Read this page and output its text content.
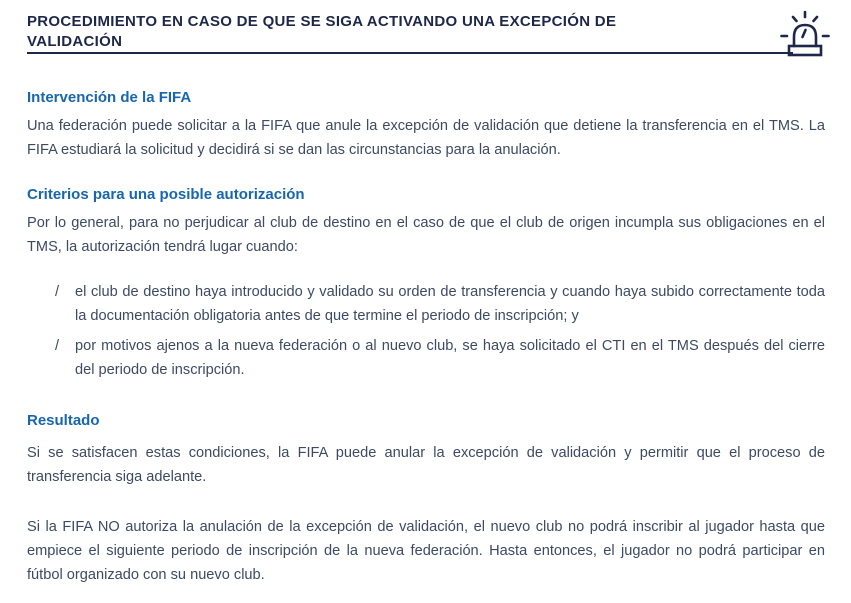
PROCEDIMIENTO EN CASO DE QUE SE SIGA ACTIVANDO UNA EXCEPCIÓN DE VALIDACIÓN
Intervención de la FIFA

Una federación puede solicitar a la FIFA que anule la excepción de validación que detiene la transferencia en el TMS. La FIFA estudiará la solicitud y decidirá si se dan las circunstancias para la anulación.

Criterios para una posible autorización

Por lo general, para no perjudicar al club de destino en el caso de que el club de origen incumpla sus obligaciones en el TMS, la autorización tendrá lugar cuando:

/	el club de destino haya introducido y validado su orden de transferencia y cuando haya subido correctamente toda la documentación obligatoria antes de que termine el periodo de inscripción; y
/	por motivos ajenos a la nueva federación o al nuevo club, se haya solicitado el CTI en el TMS después del cierre del periodo de inscripción.
Resultado

Si se satisfacen estas condiciones, la FIFA puede anular la excepción de validación y permitir que el proceso de transferencia siga adelante.

Si la FIFA NO autoriza la anulación de la excepción de validación, el nuevo club no podrá inscribir al jugador hasta que empiece el siguiente periodo de inscripción de la nueva federación. Hasta entonces, el jugador no podrá participar en fútbol organizado con su nuevo club.
